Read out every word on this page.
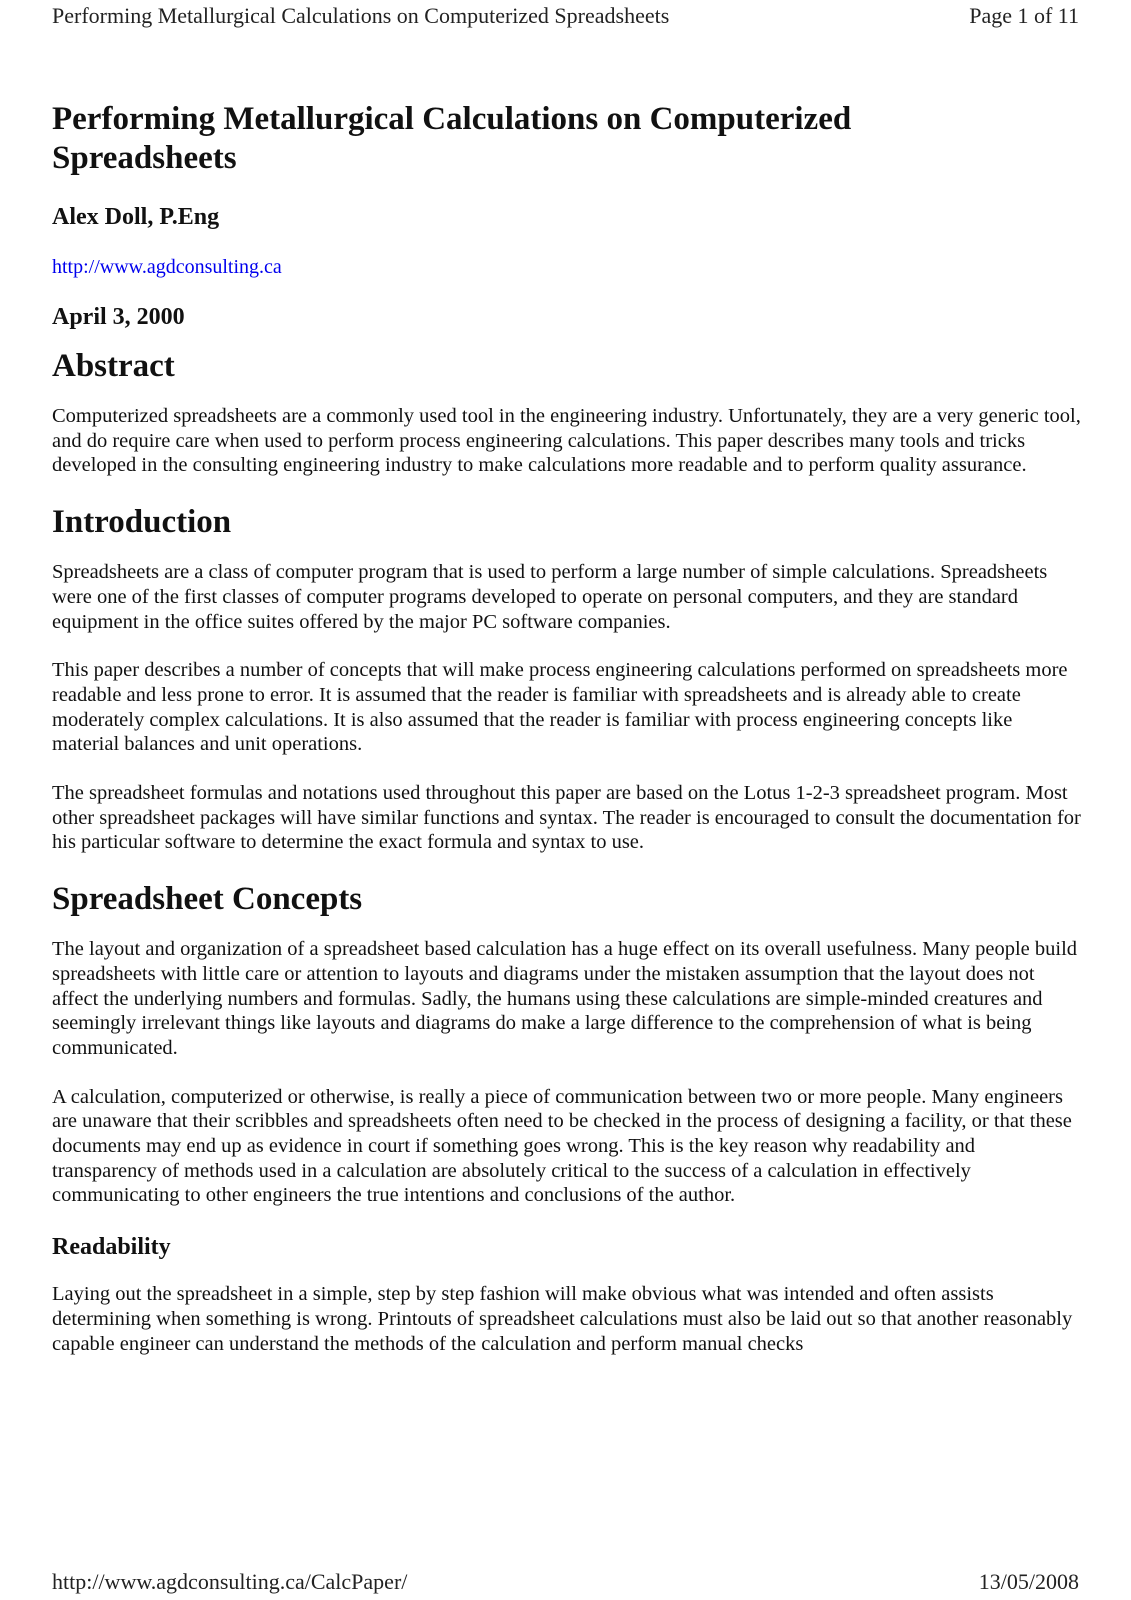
Performing Metallurgical Calculations on Computerized Spreadsheets	Page 1 of 11
Performing Metallurgical Calculations on Computerized Spreadsheets
Alex Doll, P.Eng
http://www.agdconsulting.ca
April 3, 2000
Abstract

Computerized spreadsheets are a commonly used tool in the engineering industry. Unfortunately, they are a very generic tool, and do require care when used to perform process engineering calculations. This paper describes many tools and tricks developed in the consulting engineering industry to make calculations more readable and to perform quality assurance.

Introduction

Spreadsheets are a class of computer program that is used to perform a large number of simple calculations. Spreadsheets were one of the first classes of computer programs developed to operate on personal computers, and they are standard equipment in the office suites offered by the major PC software companies.

This paper describes a number of concepts that will make process engineering calculations performed on spreadsheets more readable and less prone to error. It is assumed that the reader is familiar with spreadsheets and is already able to create moderately complex calculations. It is also assumed that the reader is familiar with process engineering concepts like material balances and unit operations.

The spreadsheet formulas and notations used throughout this paper are based on the Lotus 1-2-3 spreadsheet program. Most other spreadsheet packages will have similar functions and syntax. The reader is encouraged to consult the documentation for his particular software to determine the exact formula and syntax to use.

Spreadsheet Concepts

The layout and organization of a spreadsheet based calculation has a huge effect on its overall usefulness. Many people build spreadsheets with little care or attention to layouts and diagrams under the mistaken assumption that the layout does not affect the underlying numbers and formulas. Sadly, the humans using these calculations are simple-minded creatures and seemingly irrelevant things like layouts and diagrams do make a large difference to the comprehension of what is being communicated.

A calculation, computerized or otherwise, is really a piece of communication between two or more people. Many engineers are unaware that their scribbles and spreadsheets often need to be checked in the process of designing a facility, or that these documents may end up as evidence in court if something goes wrong. This is the key reason why readability and transparency of methods used in a calculation are absolutely critical to the success of a calculation in effectively communicating to other engineers the true intentions and conclusions of the author.

Readability

Laying out the spreadsheet in a simple, step by step fashion will make obvious what was intended and often assists determining when something is wrong. Printouts of spreadsheet calculations must also be laid out so that another reasonably capable engineer can understand the methods of the calculation and perform manual checks

http://www.agdconsulting.ca/CalcPaper/	13/05/2008
